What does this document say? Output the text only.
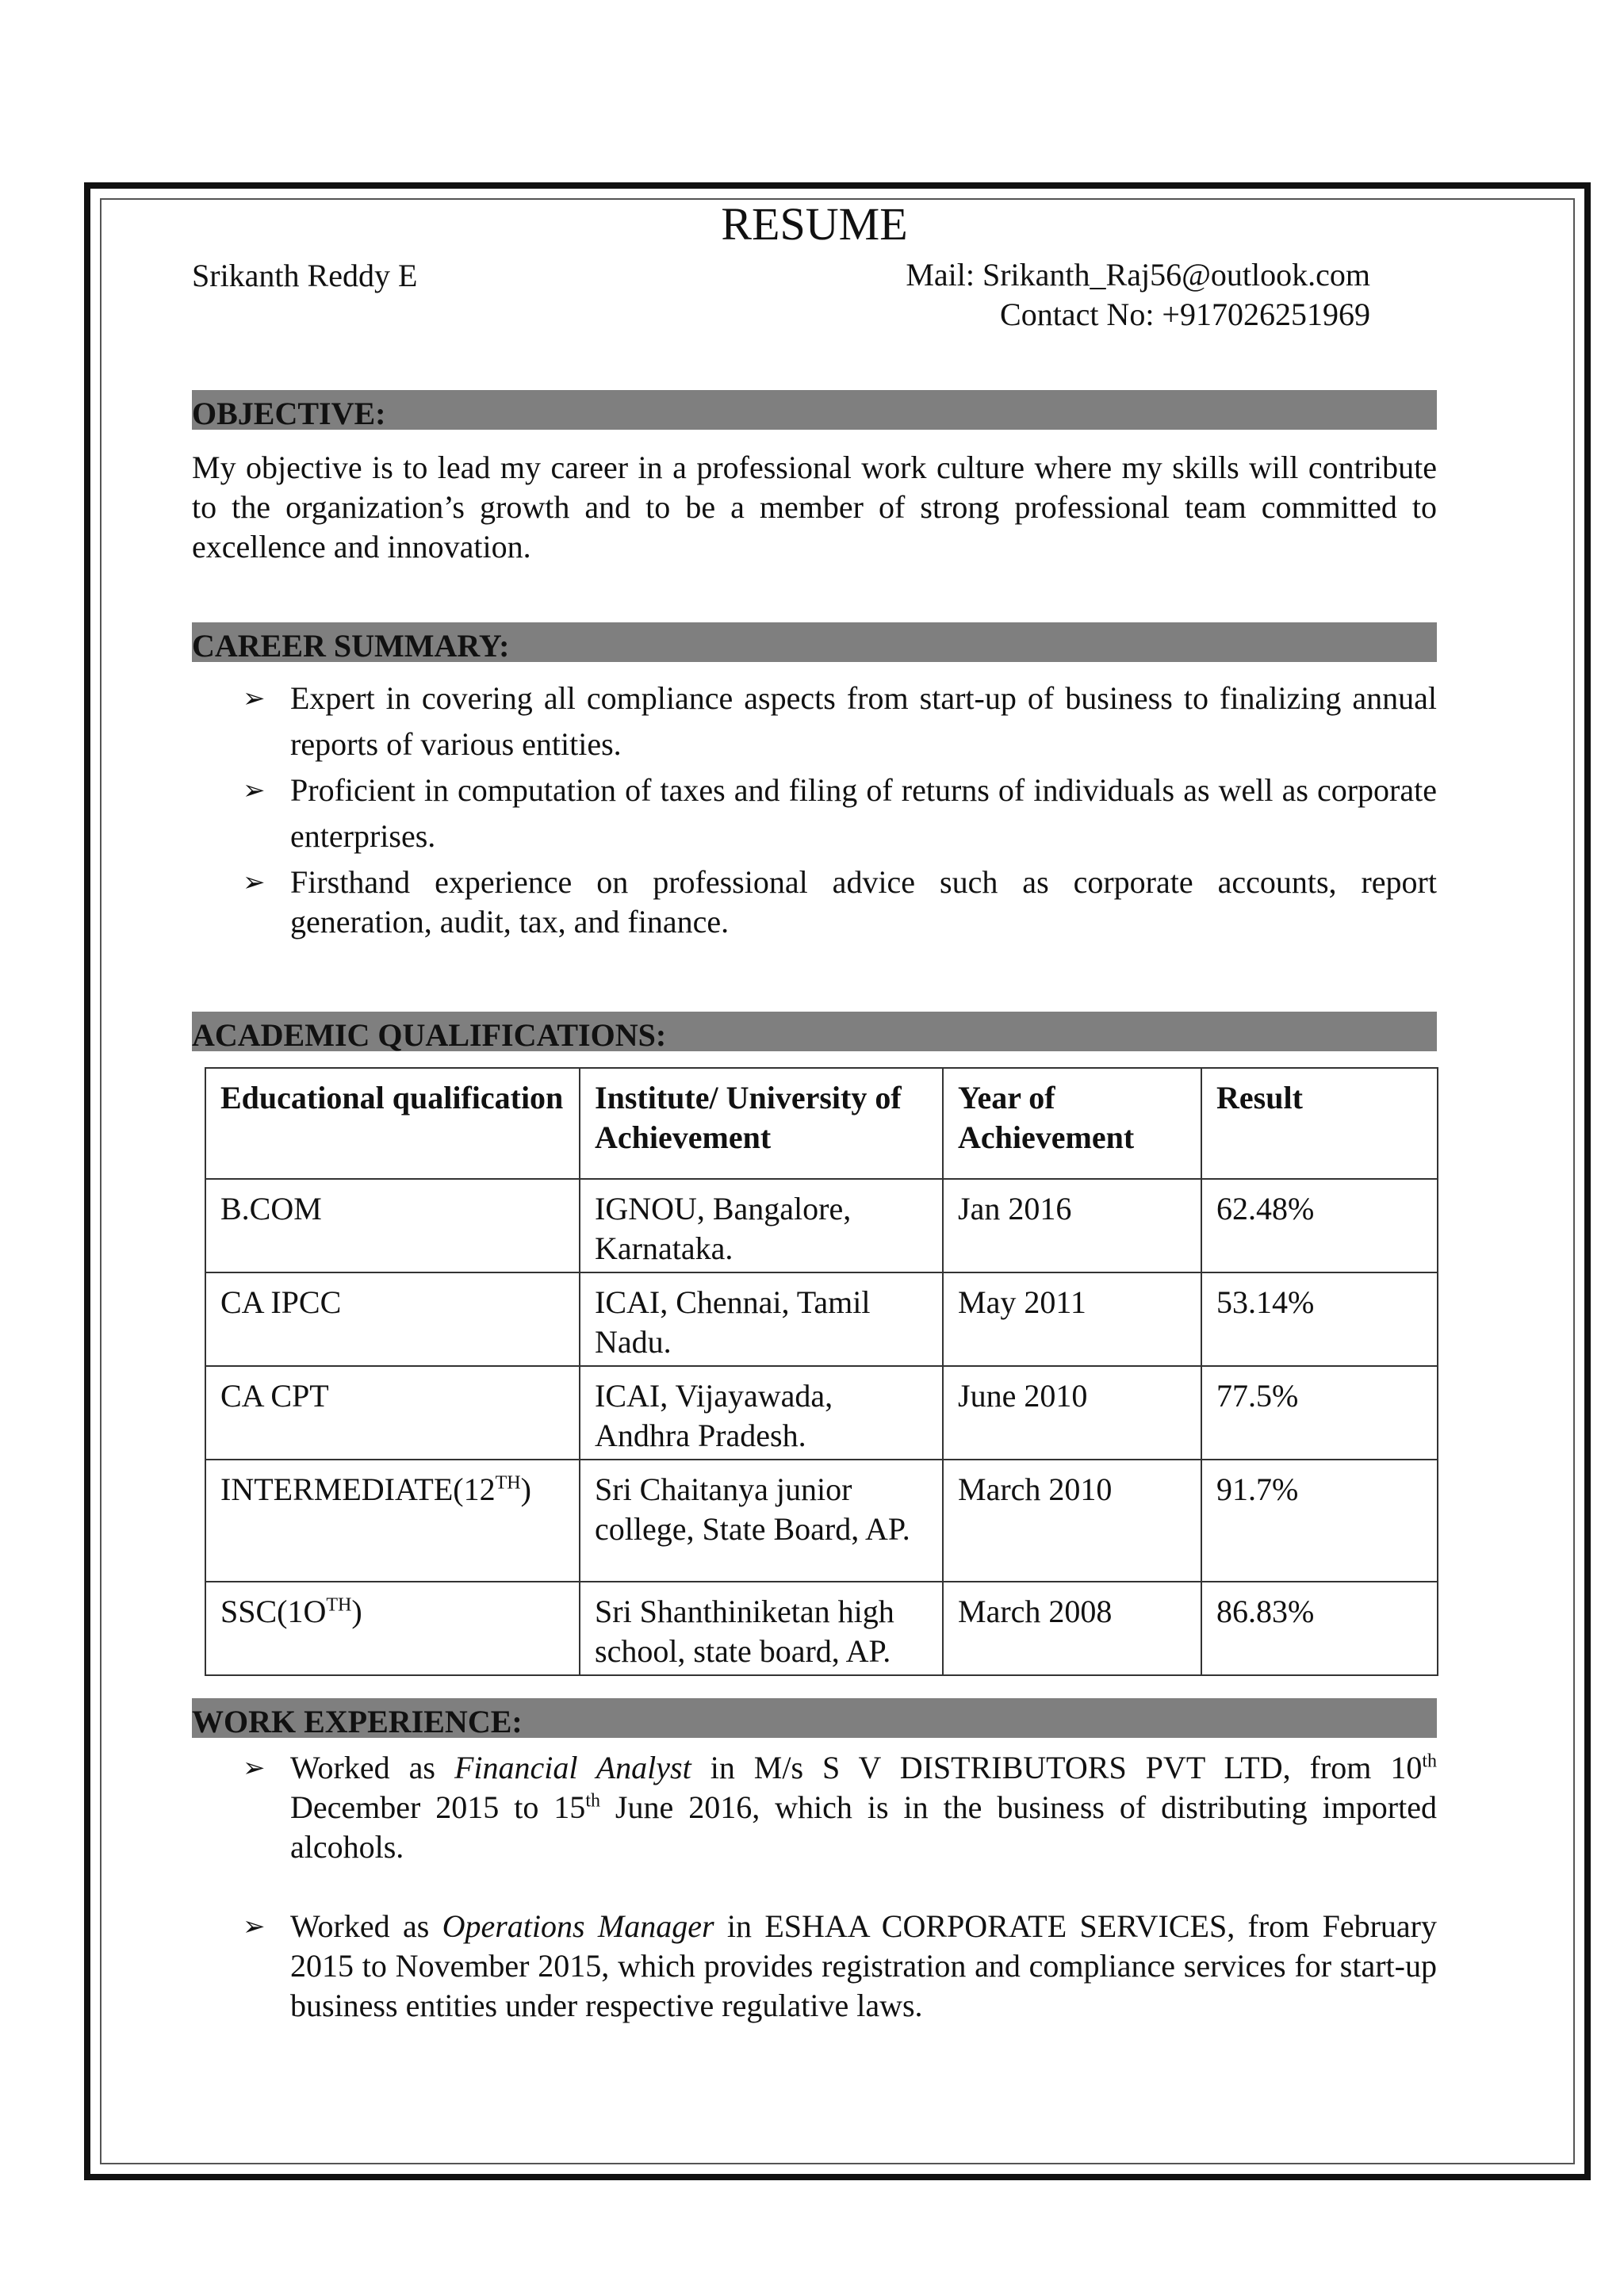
RESUME
Srikanth Reddy E	Mail: Srikanth_Raj56@outlook.com
Contact No: +917026251969
OBJECTIVE:
My objective is to lead my career in a professional work culture where my skills will contribute to the organization’s growth and to be a member of strong professional team committed to excellence and innovation.
CAREER SUMMARY:
➢ Expert in covering all compliance aspects from start-up of business to finalizing annual reports of various entities.
➢ Proficient in computation of taxes and filing of returns of individuals as well as corporate enterprises.
➢ Firsthand experience on professional advice such as corporate accounts, report generation, audit, tax, and finance.
ACADEMIC QUALIFICATIONS:
Educational qualification	Institute/ University of Achievement	Year of Achievement	Result
B.COM	IGNOU, Bangalore, Karnataka.	Jan 2016	62.48%
CA IPCC	ICAI, Chennai, Tamil Nadu.	May 2011	53.14%
CA CPT	ICAI, Vijayawada, Andhra Pradesh.	June 2010	77.5%
INTERMEDIATE(12TH)	Sri Chaitanya junior college, State Board, AP.	March 2010	91.7%
$SSC(1O^{TH})$	Sri Shanthiniketan high school, state board, AP.	March 2008	86.83%
WORK EXPERIENCE:
➢ Worked as Financial Analyst in M/s S V DISTRIBUTORS PVT LTD, from 10th December 2015 to 15th June 2016, which is in the business of distributing imported alcohols.
➢ Worked as Operations Manager in ESHAA CORPORATE SERVICES, from February 2015 to November 2015, which provides registration and compliance services for start-up business entities under respective regulative laws.
